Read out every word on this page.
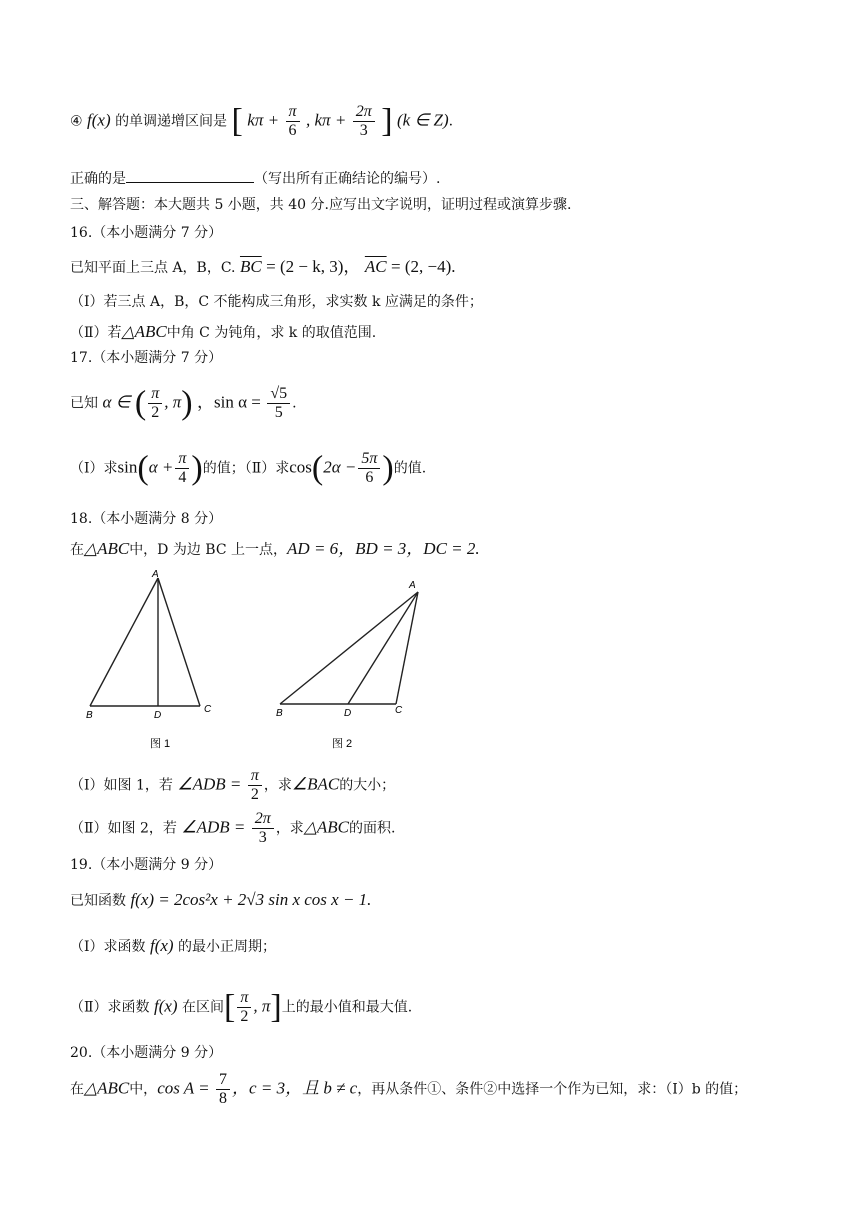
④ f(x) 的单调递增区间是 [ $k\pi + \frac{\pi}{6}$ , $k\pi + \frac{2\pi}{3}$ ] (k ∈ Z).
正确的是	（写出所有正确结论的编号）.
三、解答题：本大题共 5 小题，共 40 分.应写出文字说明，证明过程或演算步骤.
16.（本小题满分 7 分）
已知平面上三点 A，B，C. $\overline{BC} = (2 - k$, 3)， $\overline{AC} = (2$, −4).
（Ⅰ）若三点 A，B，C 不能构成三角形，求实数 k 应满足的条件；
（Ⅱ）若△ABC中角 C 为钝角，求 k 的取值范围.
17.（本小题满分 7 分）
已知 α ∈ ( $\frac{\pi}{2}$ , π) ，$\sin \alpha = \frac{√5}{5}$ .
（Ⅰ）求$\sin(\alpha + \frac{\pi}{4}$ )的值；（Ⅱ）求$\cos(2\alpha - \frac{5\pi}{6}$ )的值.
18.（本小题满分 8 分）
在△ABC中，D 为边 BC 上一点，AD = 6，BD = 3，DC = 2.
A
B	D
C
图 1
A
B	D	C
图 2
（Ⅰ）如图 1，若 ∠ADB = $\frac{\pi}{2}$ ，求∠BAC的大小；
（Ⅱ）如图 2，若 ∠ADB = $\frac{2\pi}{3}$ ，求△ABC的面积.
19.（本小题满分 9 分）
已知函数 f(x) = 2cos²x + 2√3 sin x cos x − 1.
（Ⅰ）求函数 f(x) 的最小正周期；
（Ⅱ）求函数 f(x) 在区间[ $\frac{\pi}{2}$ , π]上的最小值和最大值.
20.（本小题满分 9 分）
在△ABC中，$\cos A = \frac{7}{8}$ ，c = 3，且 b ≠ c，再从条件①、条件②中选择一个作为已知，求：（Ⅰ）b 的值；
